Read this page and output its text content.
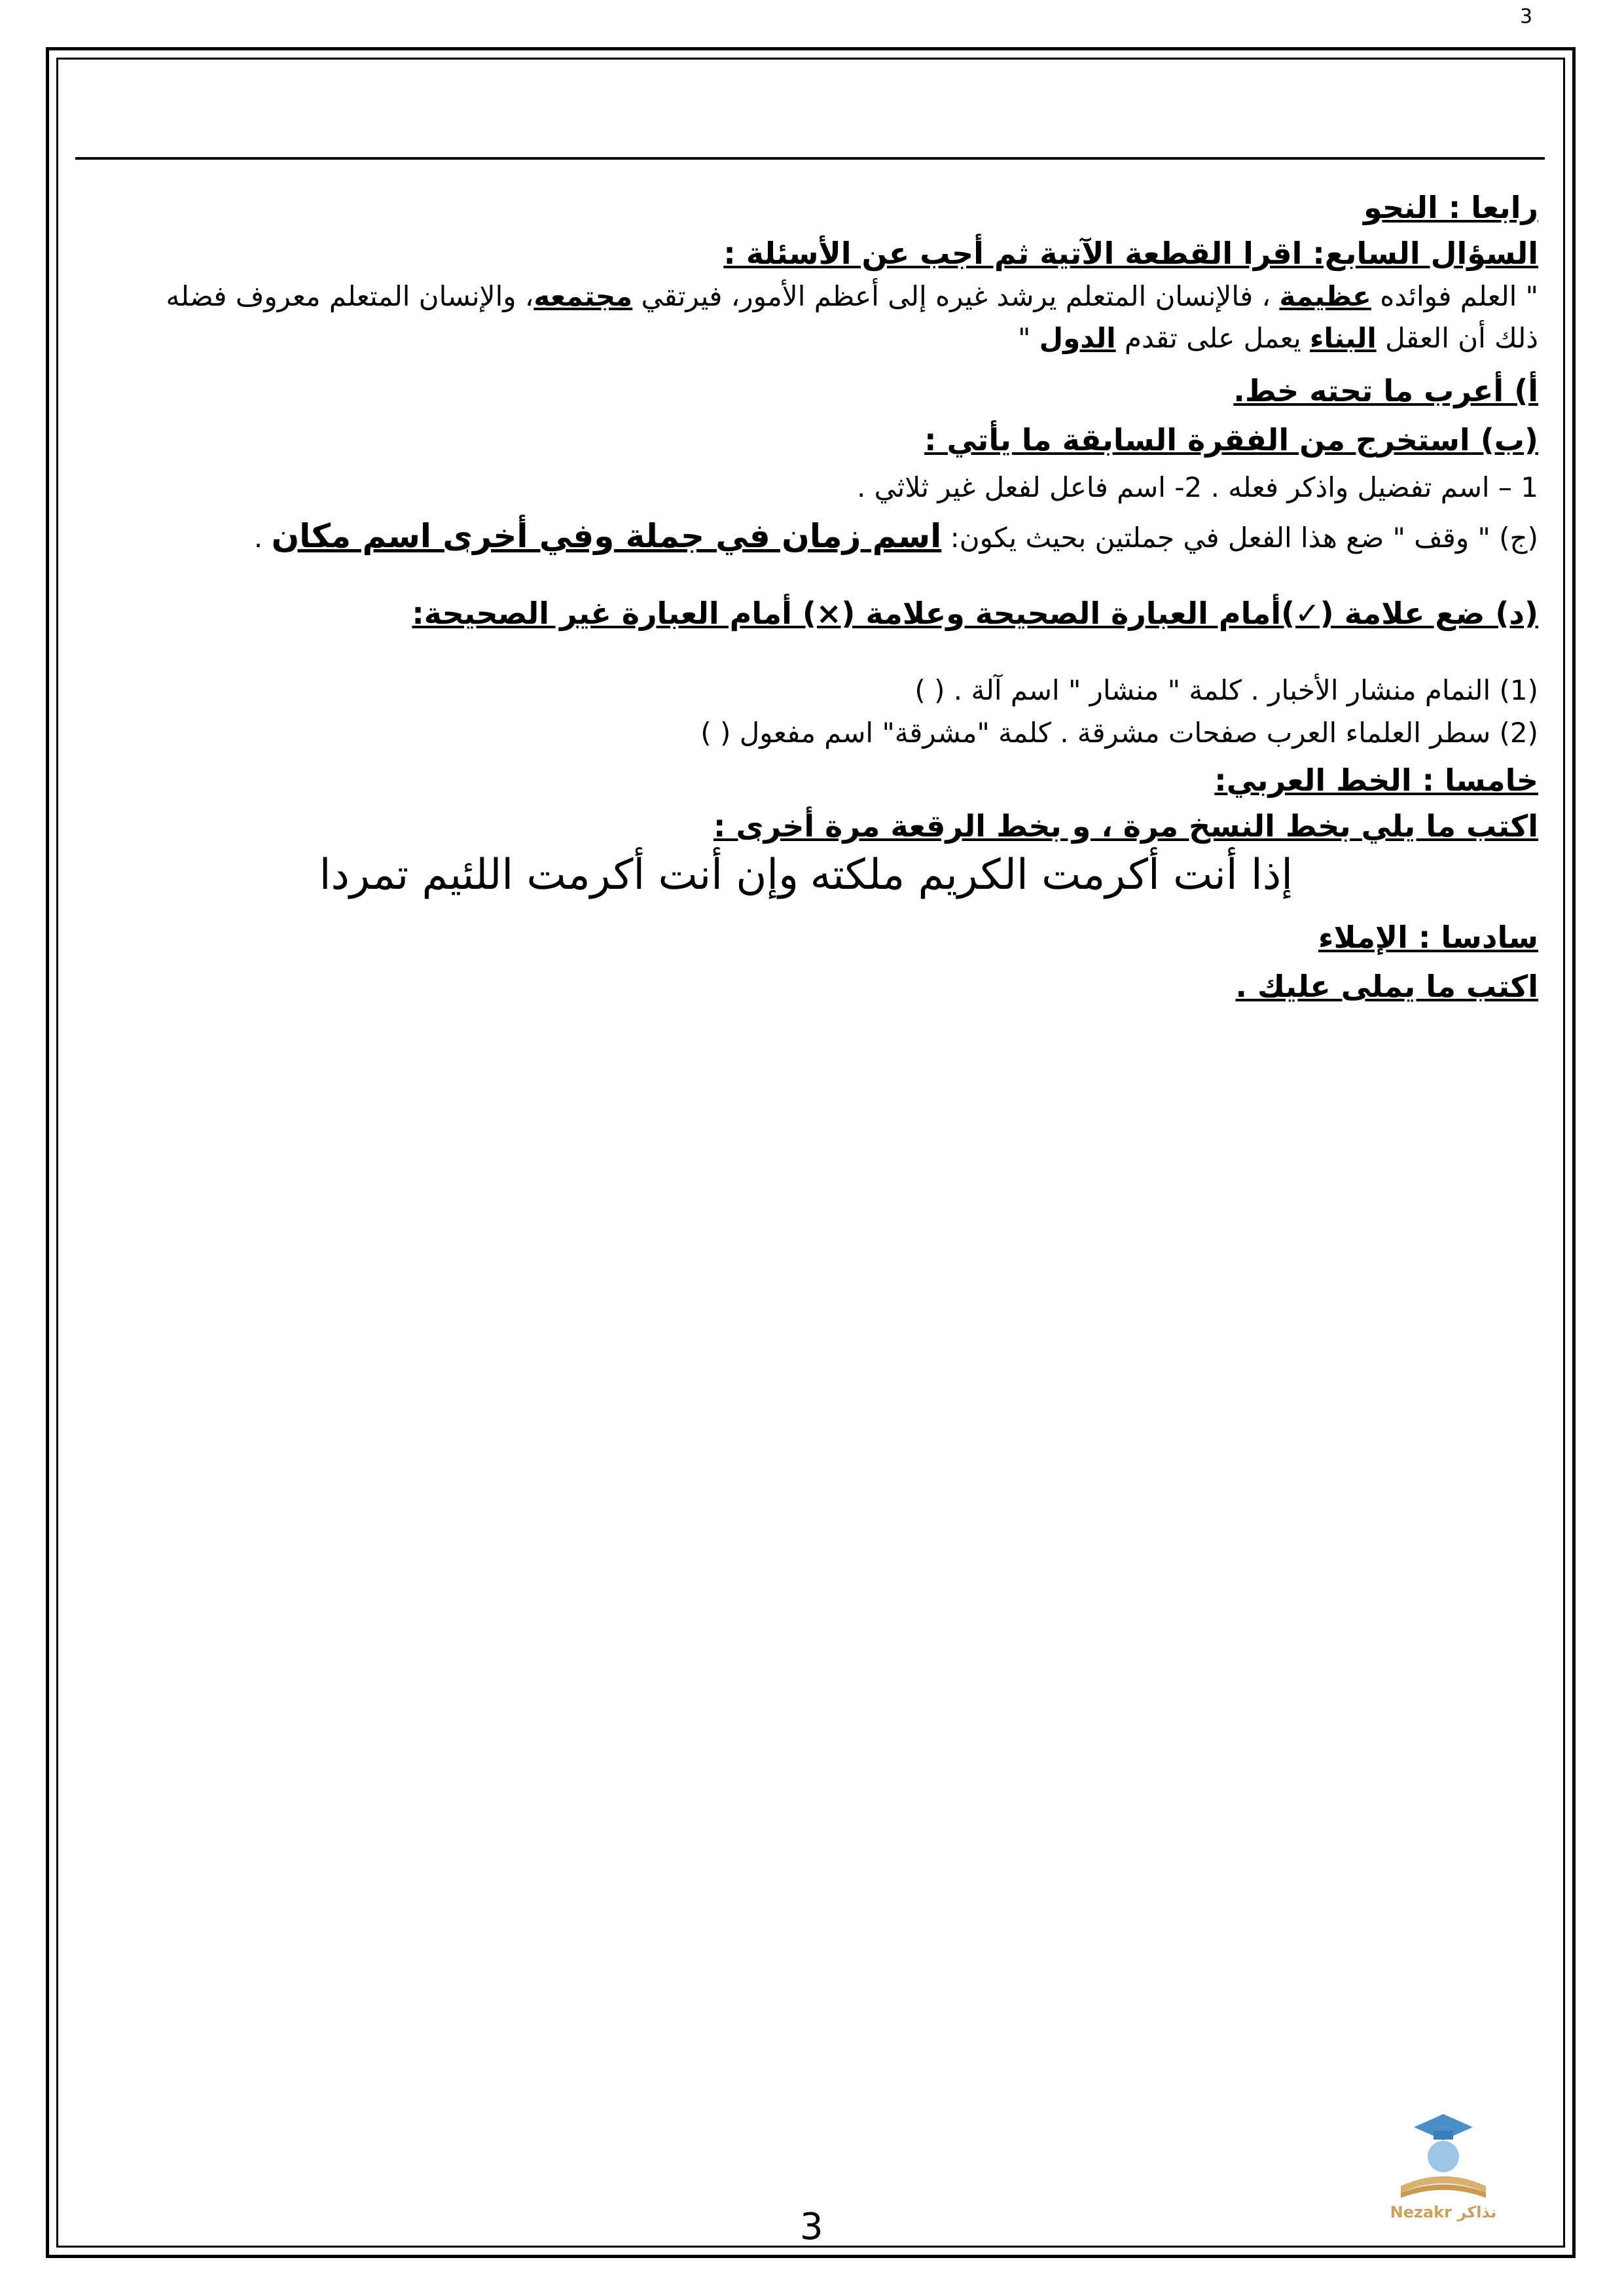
3
رابعا : النحو
السؤال السابع: اقرا القطعة الآتية ثم أجب عن الأسئلة :
" العلم فوائده عظيمة ، فالإنسان المتعلم يرشد غيره إلى أعظم الأمور، فيرتقي مجتمعه، والإنسان المتعلم معروف فضله
ذلك أن العقل البناء يعمل على تقدم الدول "
أ) أعرب ما تحته خط.
(ب) استخرج من الفقرة السابقة ما يأتي :
1 – اسم تفضيل واذكر فعله . 2- اسم فاعل لفعل غير ثلاثي .
(ج) " وقف " ضع هذا الفعل في جملتين بحيث يكون: اسم زمان في جملة وفي أخرى اسم مكان .
(د) ضع علامة (✓)أمام العبارة الصحيحة وعلامة (×) أمام العبارة غير الصحيحة:
(1) النمام منشار الأخبار . كلمة " منشار " اسم آلة . ( )
(2) سطر العلماء العرب صفحات مشرقة . كلمة "مشرقة" اسم مفعول ( )
خامسا : الخط العربي:
اكتب ما يلي بخط النسخ مرة ، و بخط الرقعة مرة أخرى :
سادسا : الإملاء
اكتب ما يملى عليك .
إذا أنت أكرمت الكريم ملكته
وإن أنت أكرمت اللئيم تمردا
3	Nezakr نذاكر
